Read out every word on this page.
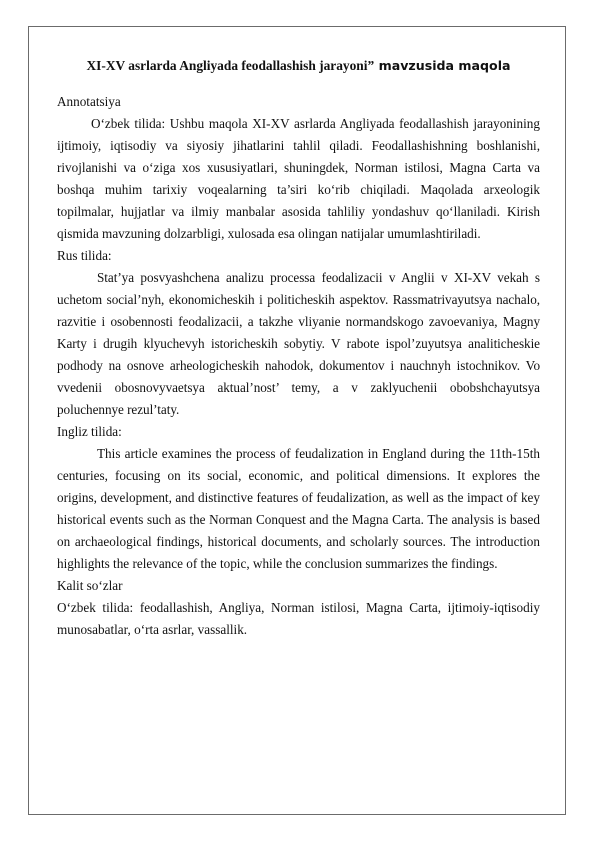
XI-XV asrlarda Angliyada feodallashish jarayoni” mavzusida maqola

Annotatsiya

O‘zbek tilida: Ushbu maqola XI-XV asrlarda Angliyada feodallashish jarayonining ijtimoiy, iqtisodiy va siyosiy jihatlarini tahlil qiladi. Feodallashishning boshlanishi, rivojlanishi va o‘ziga xos xususiyatlari, shuningdek, Norman istilosi, Magna Carta va boshqa muhim tarixiy voqealarning ta’siri ko‘rib chiqiladi. Maqolada arxeologik topilmalar, hujjatlar va ilmiy manbalar asosida tahliliy yondashuv qo‘llaniladi. Kirish qismida mavzuning dolzarbligi, xulosada esa olingan natijalar umumlashtiriladi.

Rus tilida:

Stat’ya posvyashchena analizu processa feodalizacii v Anglii v XI-XV vekah s uchetom social’nyh, ekonomicheskih i politicheskih aspektov. Rassmatrivayutsya nachalo, razvitie i osobennosti feodalizacii, a takzhe vliyanie normandskogo zavoevaniya, Magny Karty i drugih klyuchevyh istoricheskih sobytiy. V rabote ispol’zuyutsya analiticheskie podhody na osnove arheologicheskih nahodok, dokumentov i nauchnyh istochnikov. Vo vvedenii obosnovyvaetsya aktual’nost’ temy, a v zaklyuchenii obobshchayutsya poluchennye rezul’taty.

Ingliz tilida:

This article examines the process of feudalization in England during the 11th-15th centuries, focusing on its social, economic, and political dimensions. It explores the origins, development, and distinctive features of feudalization, as well as the impact of key historical events such as the Norman Conquest and the Magna Carta. The analysis is based on archaeological findings, historical documents, and scholarly sources. The introduction highlights the relevance of the topic, while the conclusion summarizes the findings.

Kalit so‘zlar

O‘zbek tilida: feodallashish, Angliya, Norman istilosi, Magna Carta, ijtimoiy-iqtisodiy munosabatlar, o‘rta asrlar, vassallik.
